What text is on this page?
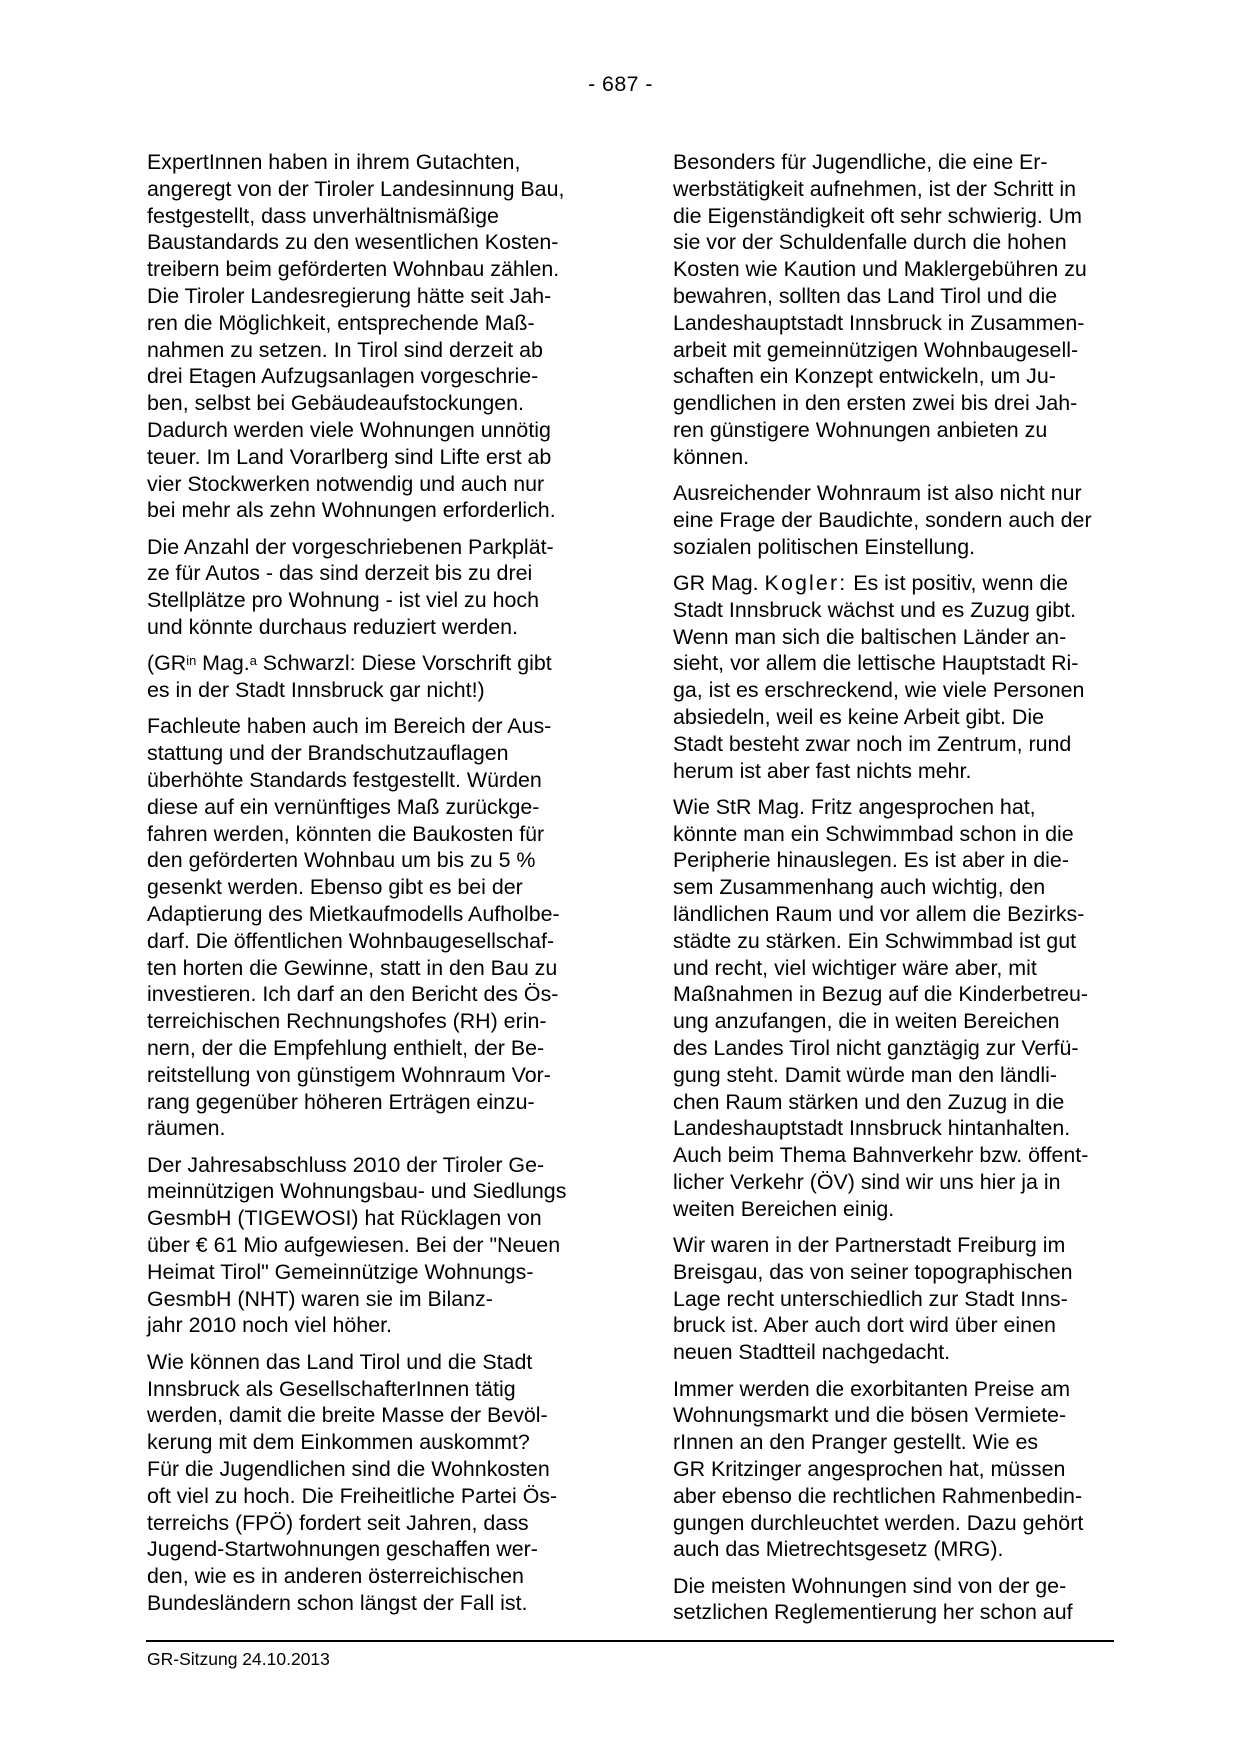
- 687 -

ExpertInnen haben in ihrem Gutachten,
angeregt von der Tiroler Landesinnung Bau,
festgestellt, dass unverhältnismäßige
Baustandards zu den wesentlichen Kosten-
treibern beim geförderten Wohnbau zählen.
Die Tiroler Landesregierung hätte seit Jah-
ren die Möglichkeit, entsprechende Maß-
nahmen zu setzen. In Tirol sind derzeit ab
drei Etagen Aufzugsanlagen vorgeschrie-
ben, selbst bei Gebäudeaufstockungen.
Dadurch werden viele Wohnungen unnötig
teuer. Im Land Vorarlberg sind Lifte erst ab
vier Stockwerken notwendig und auch nur
bei mehr als zehn Wohnungen erforderlich.

Die Anzahl der vorgeschriebenen Parkplät-
ze für Autos - das sind derzeit bis zu drei
Stellplätze pro Wohnung - ist viel zu hoch
und könnte durchaus reduziert werden.

($GR^{in}$ Mag.$^a$ Schwarzl: Diese Vorschrift gibt
es in der Stadt Innsbruck gar nicht!)

Fachleute haben auch im Bereich der Aus-
stattung und der Brandschutzauflagen
überhöhte Standards festgestellt. Würden
diese auf ein vernünftiges Maß zurückge-
fahren werden, könnten die Baukosten für
den geförderten Wohnbau um bis zu 5 %
gesenkt werden. Ebenso gibt es bei der
Adaptierung des Mietkaufmodells Aufholbe-
darf. Die öffentlichen Wohnbaugesellschaf-
ten horten die Gewinne, statt in den Bau zu
investieren. Ich darf an den Bericht des Ös-
terreichischen Rechnungshofes (RH) erin-
nern, der die Empfehlung enthielt, der Be-
reitstellung von günstigem Wohnraum Vor-
rang gegenüber höheren Erträgen einzu-
räumen.

Der Jahresabschluss 2010 der Tiroler Ge-
meinnützigen Wohnungsbau- und Siedlungs
GesmbH (TIGEWOSI) hat Rücklagen von
über € 61 Mio aufgewiesen. Bei der "Neuen
Heimat Tirol" Gemeinnützige Wohnungs-
GesmbH (NHT) waren sie im Bilanz-
jahr 2010 noch viel höher.

Wie können das Land Tirol und die Stadt
Innsbruck als GesellschafterInnen tätig
werden, damit die breite Masse der Bevöl-
kerung mit dem Einkommen auskommt?
Für die Jugendlichen sind die Wohnkosten
oft viel zu hoch. Die Freiheitliche Partei Ös-
terreichs (FPÖ) fordert seit Jahren, dass
Jugend-Startwohnungen geschaffen wer-
den, wie es in anderen österreichischen
Bundesländern schon längst der Fall ist.

Besonders für Jugendliche, die eine Er-
werbstätigkeit aufnehmen, ist der Schritt in
die Eigenständigkeit oft sehr schwierig. Um
sie vor der Schuldenfalle durch die hohen
Kosten wie Kaution und Maklergebühren zu
bewahren, sollten das Land Tirol und die
Landeshauptstadt Innsbruck in Zusammen-
arbeit mit gemeinnützigen Wohnbaugesell-
schaften ein Konzept entwickeln, um Ju-
gendlichen in den ersten zwei bis drei Jah-
ren günstigere Wohnungen anbieten zu
können.

Ausreichender Wohnraum ist also nicht nur
eine Frage der Baudichte, sondern auch der
sozialen politischen Einstellung.

GR Mag. Kogler: Es ist positiv, wenn die
Stadt Innsbruck wächst und es Zuzug gibt.
Wenn man sich die baltischen Länder an-
sieht, vor allem die lettische Hauptstadt Ri-
ga, ist es erschreckend, wie viele Personen
absiedeln, weil es keine Arbeit gibt. Die
Stadt besteht zwar noch im Zentrum, rund
herum ist aber fast nichts mehr.

Wie StR Mag. Fritz angesprochen hat,
könnte man ein Schwimmbad schon in die
Peripherie hinauslegen. Es ist aber in die-
sem Zusammenhang auch wichtig, den
ländlichen Raum und vor allem die Bezirks-
städte zu stärken. Ein Schwimmbad ist gut
und recht, viel wichtiger wäre aber, mit
Maßnahmen in Bezug auf die Kinderbetreu-
ung anzufangen, die in weiten Bereichen
des Landes Tirol nicht ganztägig zur Verfü-
gung steht. Damit würde man den ländli-
chen Raum stärken und den Zuzug in die
Landeshauptstadt Innsbruck hintanhalten.
Auch beim Thema Bahnverkehr bzw. öffent-
licher Verkehr (ÖV) sind wir uns hier ja in
weiten Bereichen einig.

Wir waren in der Partnerstadt Freiburg im
Breisgau, das von seiner topographischen
Lage recht unterschiedlich zur Stadt Inns-
bruck ist. Aber auch dort wird über einen
neuen Stadtteil nachgedacht.

Immer werden die exorbitanten Preise am
Wohnungsmarkt und die bösen Vermiete-
rInnen an den Pranger gestellt. Wie es
GR Kritzinger angesprochen hat, müssen
aber ebenso die rechtlichen Rahmenbedin-
gungen durchleuchtet werden. Dazu gehört
auch das Mietrechtsgesetz (MRG).

Die meisten Wohnungen sind von der ge-
setzlichen Reglementierung her schon auf

GR-Sitzung 24.10.2013
